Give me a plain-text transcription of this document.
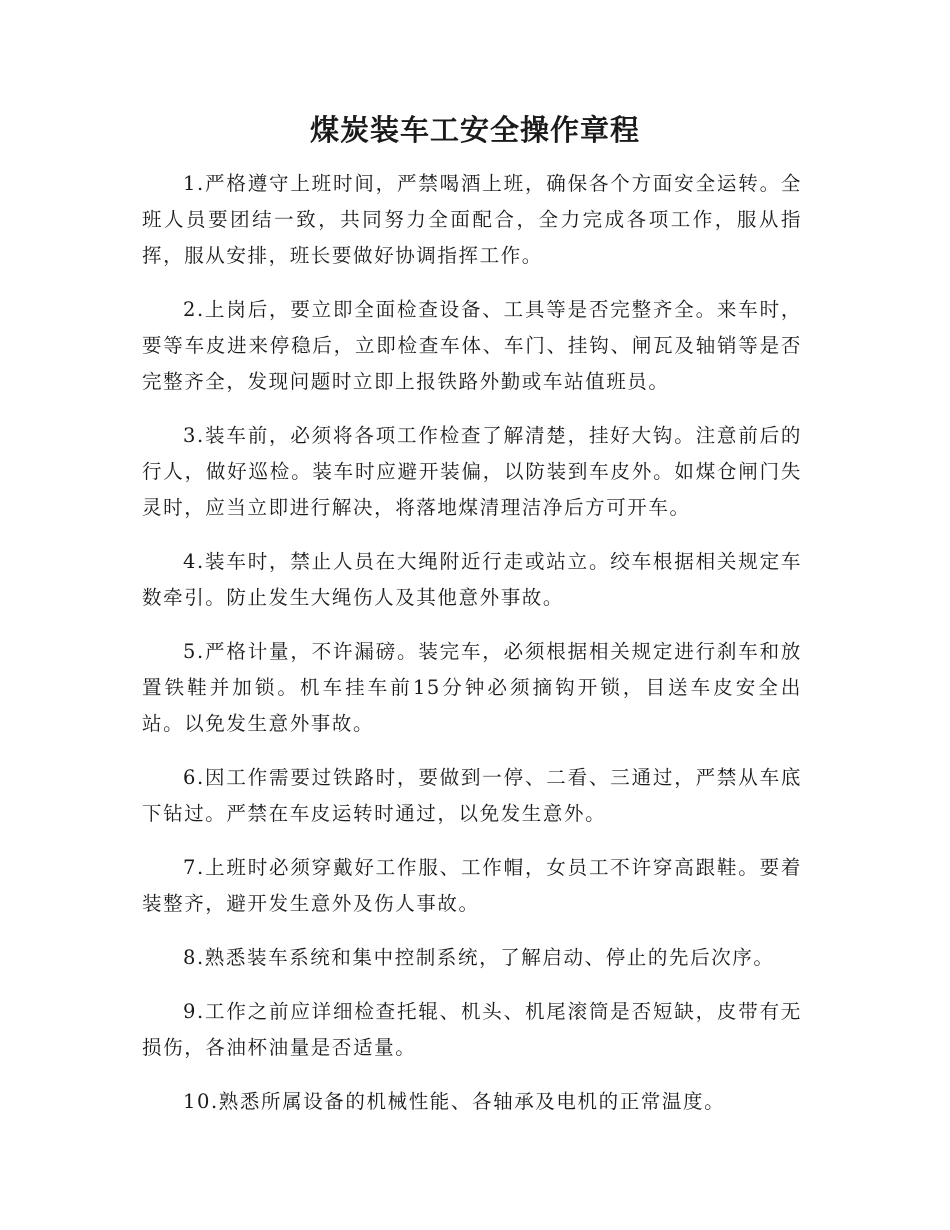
煤炭装车工安全操作章程

1.严格遵守上班时间，严禁喝酒上班，确保各个方面安全运转。全班人员要团结一致，共同努力全面配合，全力完成各项工作，服从指挥，服从安排，班长要做好协调指挥工作。

2.上岗后，要立即全面检查设备、工具等是否完整齐全。来车时，要等车皮进来停稳后，立即检查车体、车门、挂钩、闸瓦及轴销等是否完整齐全，发现问题时立即上报铁路外勤或车站值班员。

3.装车前，必须将各项工作检查了解清楚，挂好大钩。注意前后的行人，做好巡检。装车时应避开装偏，以防装到车皮外。如煤仓闸门失灵时，应当立即进行解决，将落地煤清理洁净后方可开车。

4.装车时，禁止人员在大绳附近行走或站立。绞车根据相关规定车数牵引。防止发生大绳伤人及其他意外事故。

5.严格计量，不许漏磅。装完车，必须根据相关规定进行刹车和放置铁鞋并加锁。机车挂车前15分钟必须摘钩开锁，目送车皮安全出站。以免发生意外事故。

6.因工作需要过铁路时，要做到一停、二看、三通过，严禁从车底下钻过。严禁在车皮运转时通过，以免发生意外。

7.上班时必须穿戴好工作服、工作帽，女员工不许穿高跟鞋。要着装整齐，避开发生意外及伤人事故。

8.熟悉装车系统和集中控制系统，了解启动、停止的先后次序。

9.工作之前应详细检查托辊、机头、机尾滚筒是否短缺，皮带有无损伤，各油杯油量是否适量。

10.熟悉所属设备的机械性能、各轴承及电机的正常温度。
